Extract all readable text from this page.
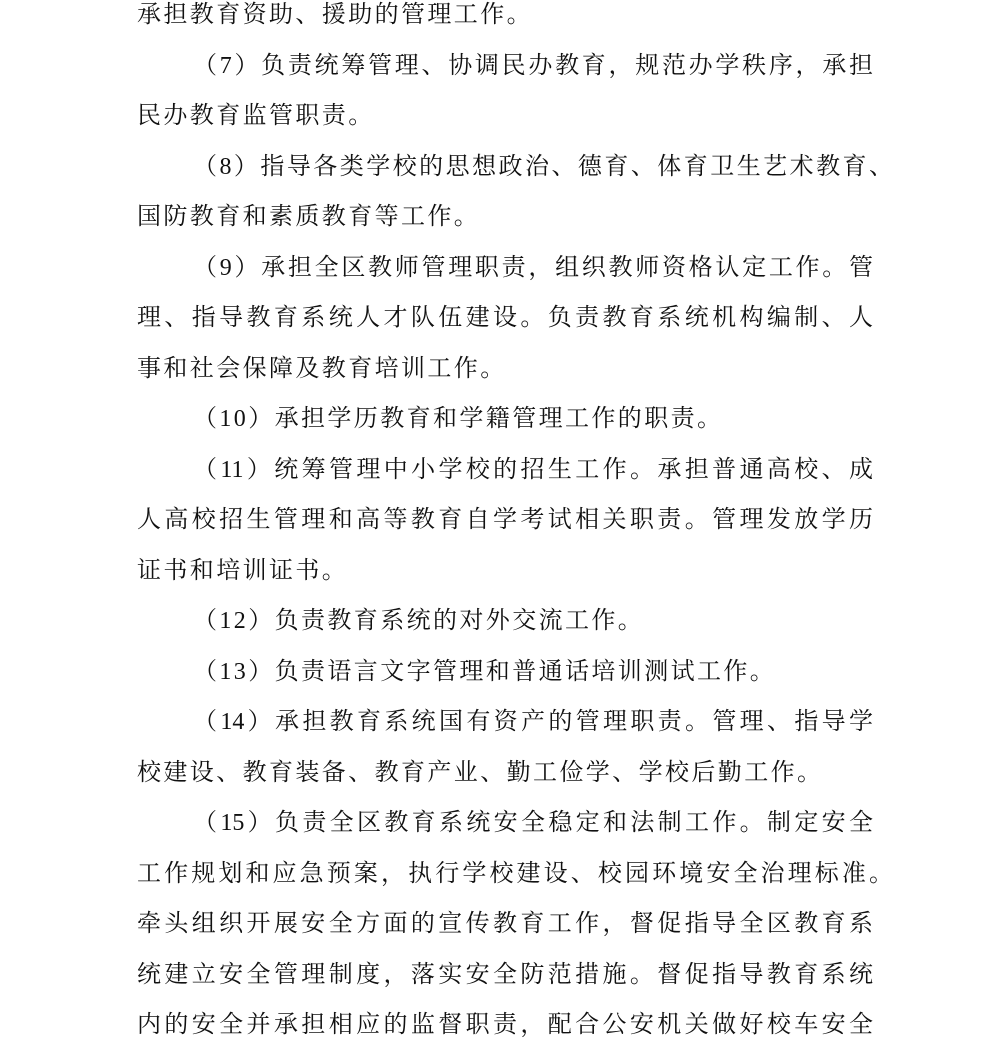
承担教育资助、援助的管理工作。
（7）负责统筹管理、协调民办教育，规范办学秩序，承担
民办教育监管职责。
（8）指导各类学校的思想政治、德育、体育卫生艺术教育、
国防教育和素质教育等工作。
（9）承担全区教师管理职责，组织教师资格认定工作。管
理、指导教育系统人才队伍建设。负责教育系统机构编制、人
事和社会保障及教育培训工作。
（10）承担学历教育和学籍管理工作的职责。
（11）统筹管理中小学校的招生工作。承担普通高校、成
人高校招生管理和高等教育自学考试相关职责。管理发放学历
证书和培训证书。
（12）负责教育系统的对外交流工作。
（13）负责语言文字管理和普通话培训测试工作。
（14）承担教育系统国有资产的管理职责。管理、指导学
校建设、教育装备、教育产业、勤工俭学、学校后勤工作。
（15）负责全区教育系统安全稳定和法制工作。制定安全
工作规划和应急预案，执行学校建设、校园环境安全治理标准。
牵头组织开展安全方面的宣传教育工作，督促指导全区教育系
统建立安全管理制度，落实安全防范措施。督促指导教育系统
内的安全并承担相应的监督职责，配合公安机关做好校车安全
